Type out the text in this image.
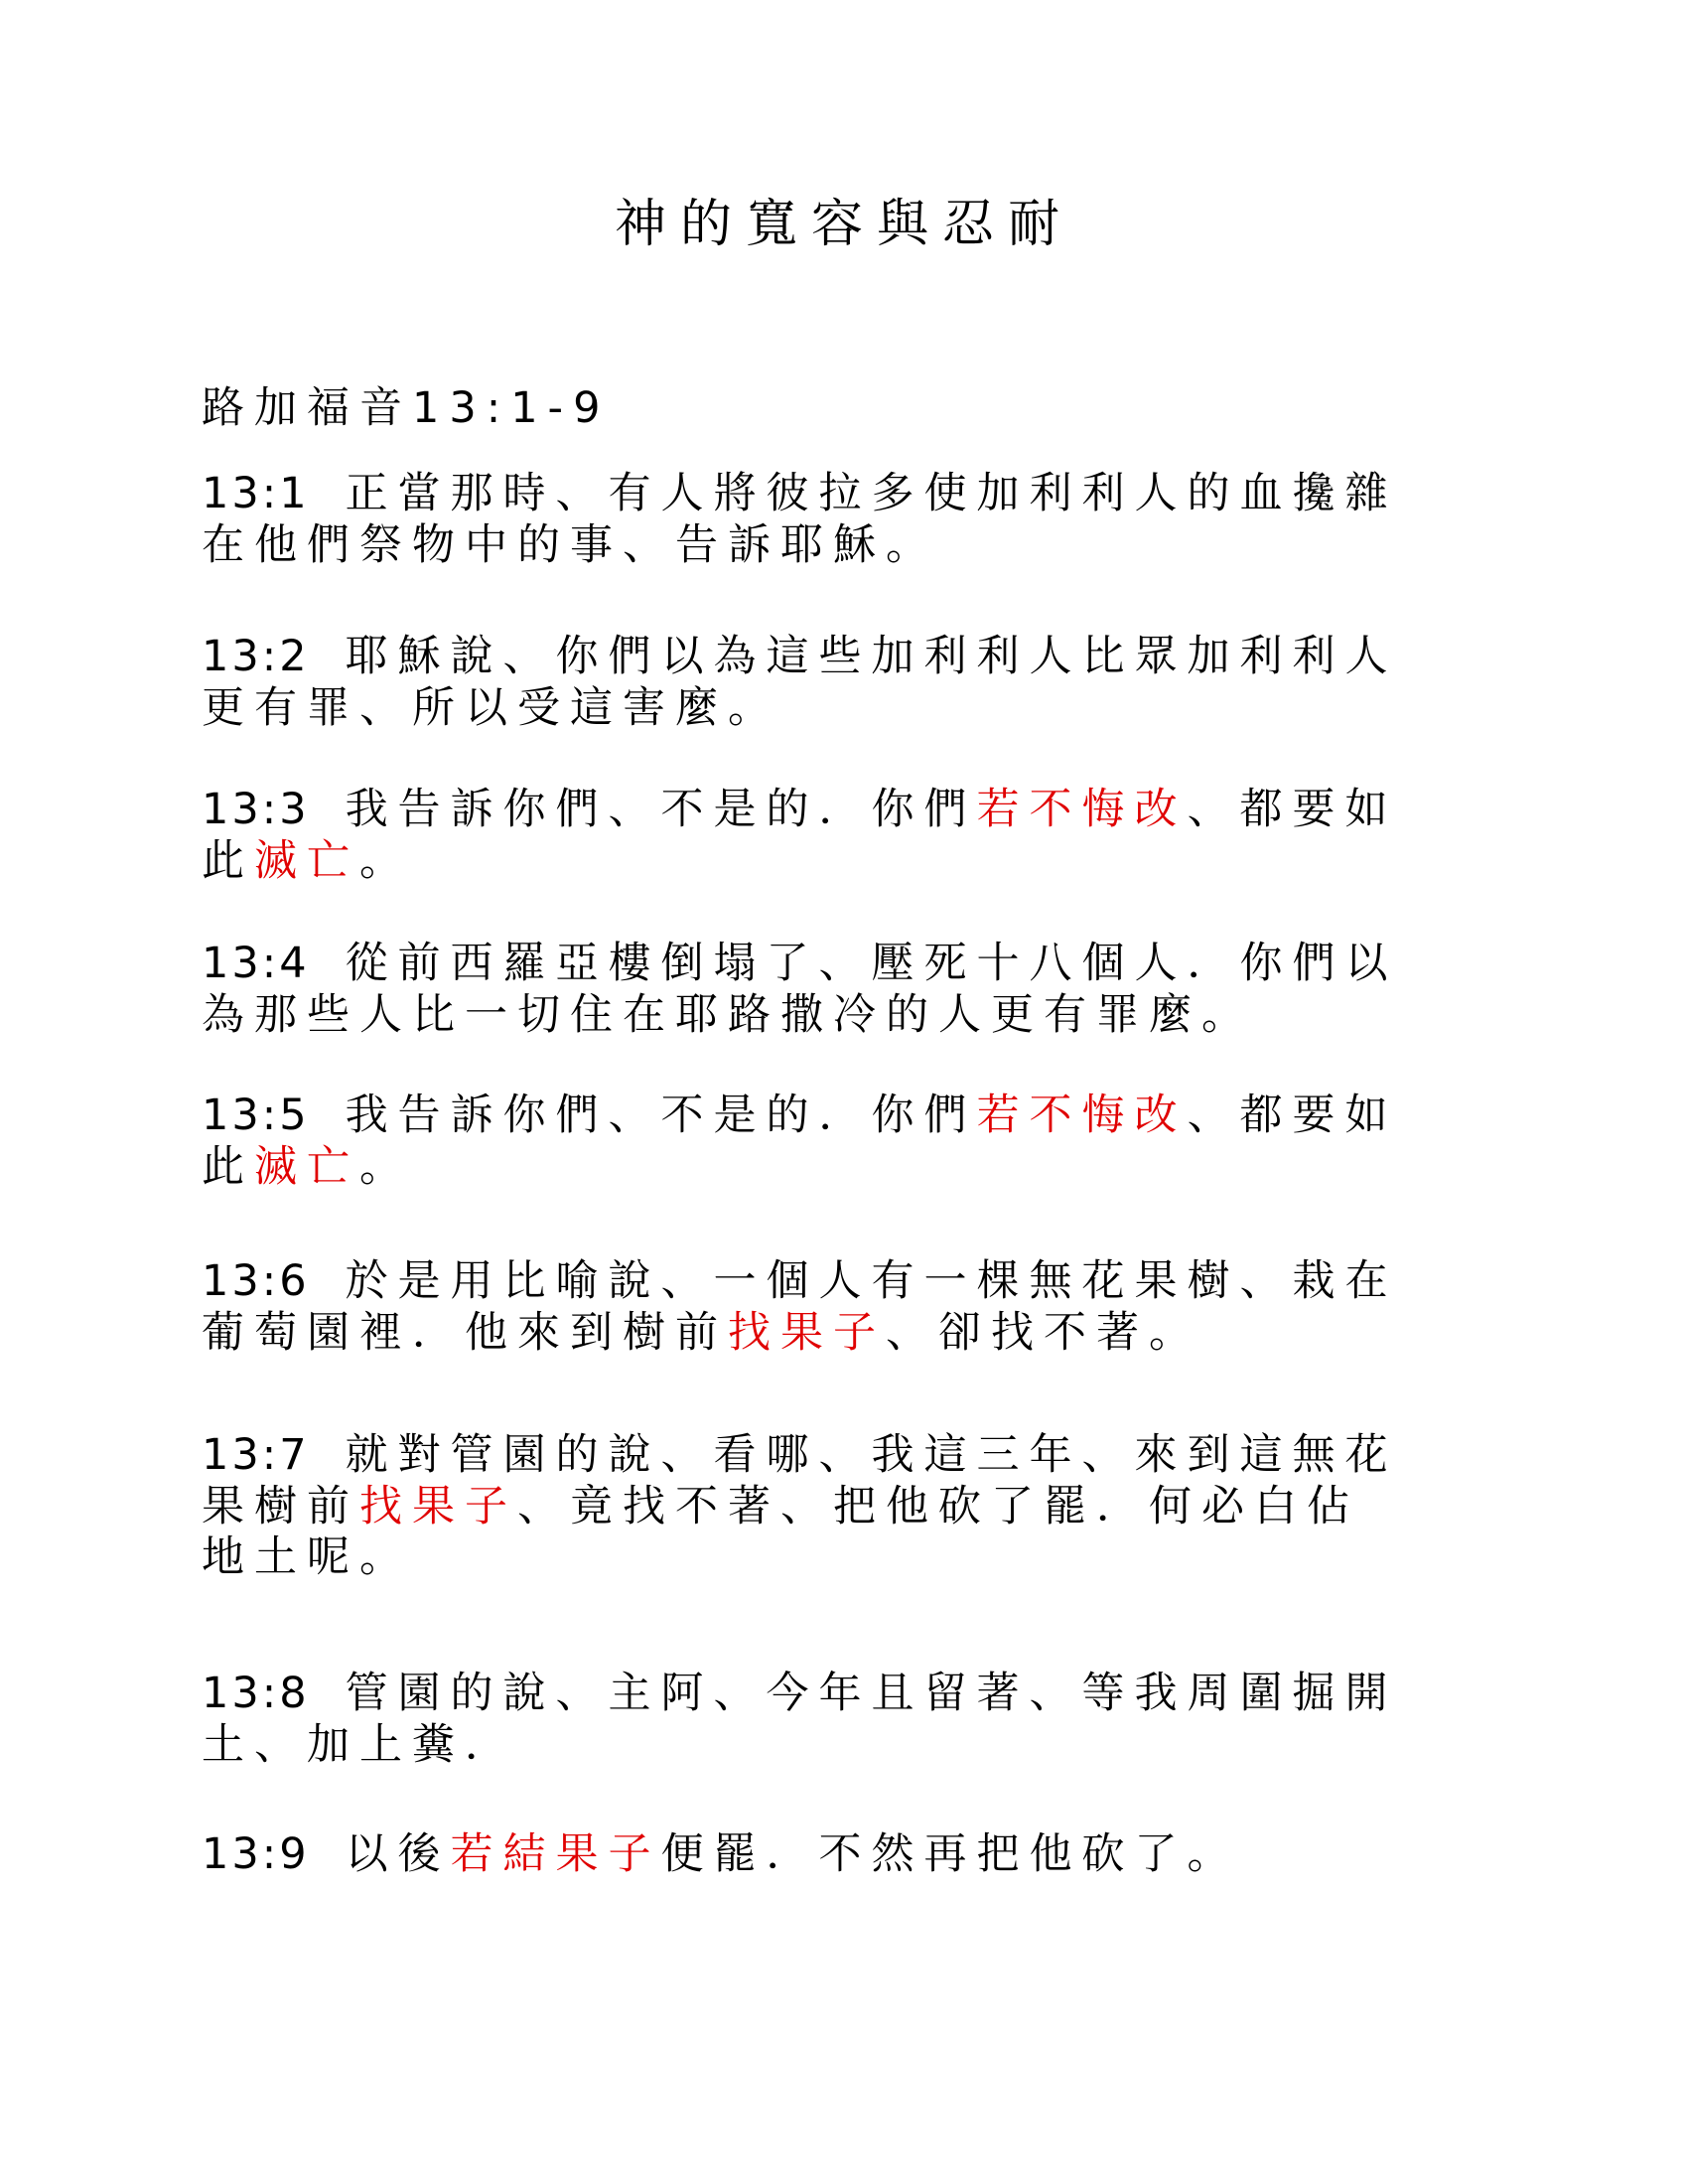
神的寬容與忍耐
路加福音13:1-9
13:1 正當那時、有人將彼拉多使加利利人的血攙雜
在他們祭物中的事、告訴耶穌。
13:2 耶穌說、你們以為這些加利利人比眾加利利人
更有罪、所以受這害麼。
13:3 我告訴你們、不是的．你們若不悔改、都要如
此滅亡。
13:4 從前西羅亞樓倒塌了、壓死十八個人．你們以
為那些人比一切住在耶路撒冷的人更有罪麼。
13:5 我告訴你們、不是的．你們若不悔改、都要如
此滅亡。
13:6 於是用比喻說、一個人有一棵無花果樹、栽在
葡萄園裡．他來到樹前找果子、卻找不著。
13:7 就對管園的說、看哪、我這三年、來到這無花
果樹前找果子、竟找不著、把他砍了罷．何必白佔
地土呢。
13:8 管園的說、主阿、今年且留著、等我周圍掘開
土、加上糞．
13:9 以後若結果子便罷．不然再把他砍了。
